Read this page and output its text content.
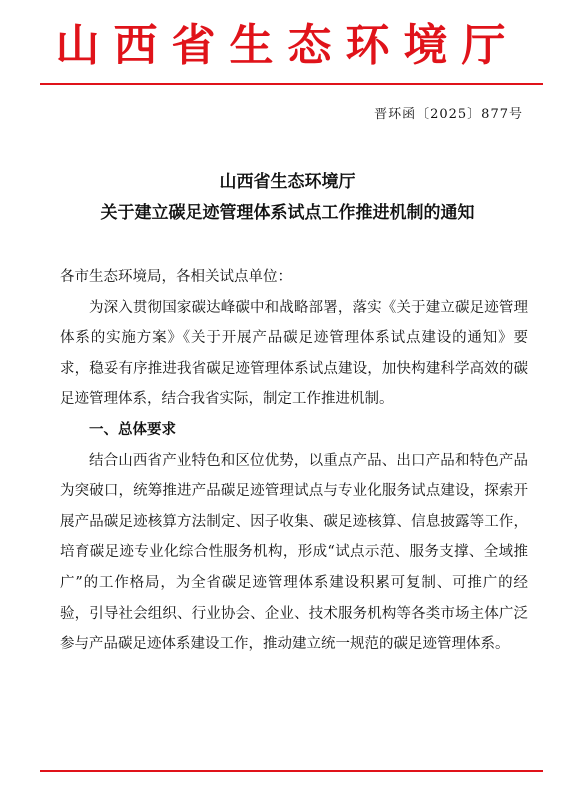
山西省生态环境厅
晋环函〔2025〕877号
山西省生态环境厅
关于建立碳足迹管理体系试点工作推进机制的通知

各市生态环境局，各相关试点单位：

为深入贯彻国家碳达峰碳中和战略部署，落实《关于建立碳足迹管理体系的实施方案》《关于开展产品碳足迹管理体系试点建设的通知》要求，稳妥有序推进我省碳足迹管理体系试点建设，加快构建科学高效的碳足迹管理体系，结合我省实际，制定工作推进机制。

一、总体要求

结合山西省产业特色和区位优势，以重点产品、出口产品和特色产品为突破口，统筹推进产品碳足迹管理试点与专业化服务试点建设，探索开展产品碳足迹核算方法制定、因子收集、碳足迹核算、信息披露等工作，培育碳足迹专业化综合性服务机构，形成“试点示范、服务支撑、全域推广”的工作格局，为全省碳足迹管理体系建设积累可复制、可推广的经验，引导社会组织、行业协会、企业、技术服务机构等各类市场主体广泛参与产品碳足迹体系建设工作，推动建立统一规范的碳足迹管理体系。
